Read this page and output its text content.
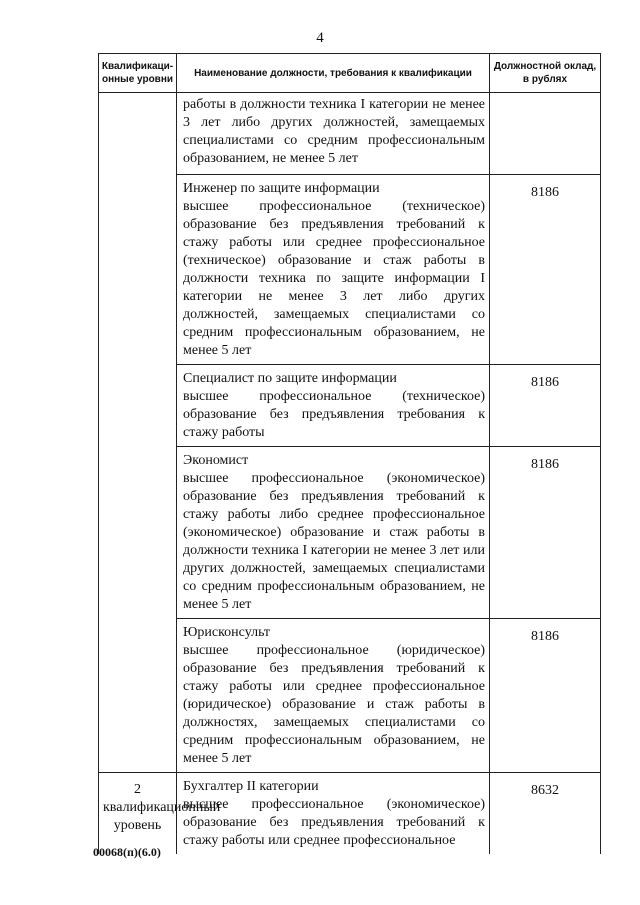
4
Квалификаци-онные уровни	Наименование должности, требования к квалификации	Должностной оклад, в рублях

	работы в должности техника I категории не менее 3 лет либо других должностей, замещаемых специалистами со средним профессиональным образованием, не менее 5 лет	

	Инженер по защите информации
высшее профессиональное (техническое) образование без предъявления требований к стажу работы или среднее профессиональное (техническое) образование и стаж работы в должности техника по защите информации I категории не менее 3 лет либо других должностей, замещаемых специалистами со средним профессиональным образованием, не менее 5 лет	8186

	Специалист по защите информации
высшее профессиональное (техническое) образование без предъявления требования к стажу работы	8186

	Экономист
высшее профессиональное (экономическое) образование без предъявления требований к стажу работы либо среднее профессиональное (экономическое) образование и стаж работы в должности техника I категории не менее 3 лет или других должностей, замещаемых специалистами со средним профессиональным образованием, не менее 5 лет	8186

	Юрисконсульт
высшее профессиональное (юридическое) образование без предъявления требований к стажу работы или среднее профессиональное (юридическое) образование и стаж работы в должностях, замещаемых специалистами со средним профессиональным образованием, не менее 5 лет	8186
2 квалификационный уровень	Бухгалтер II категории
высшее профессиональное (экономическое) образование без предъявления требований к стажу работы или среднее профессиональное	8632
00068(п)(6.0)
